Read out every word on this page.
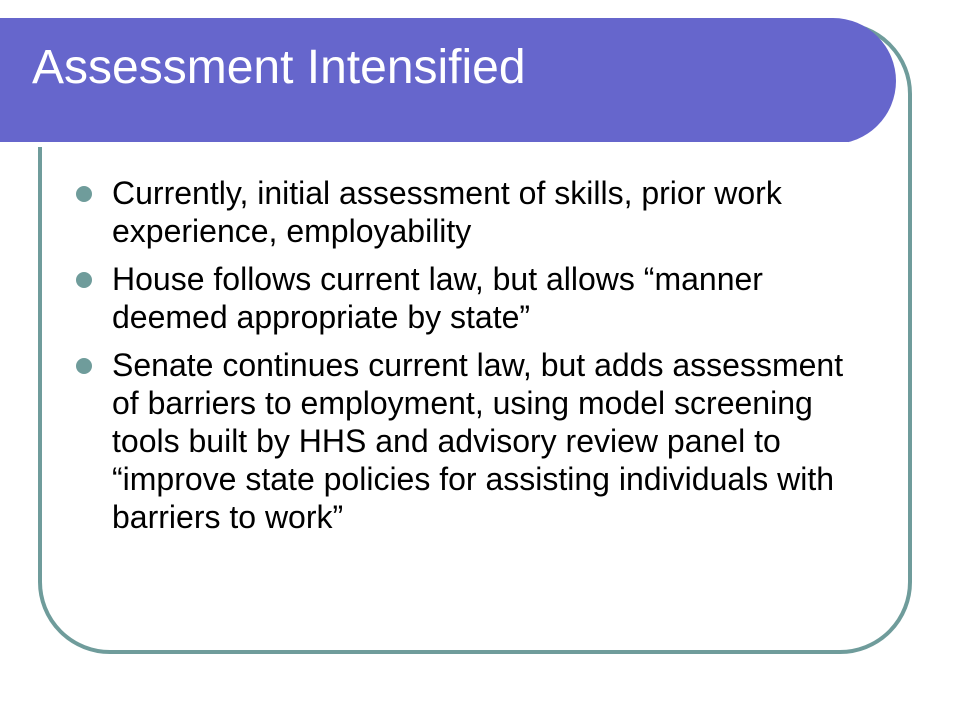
Assessment Intensified
Currently, initial assessment of skills, prior work experience, employability
House follows current law, but allows “manner deemed appropriate by state”
Senate continues current law, but adds assessment of barriers to employment, using model screening tools built by HHS and advisory review panel to “improve state policies for assisting individuals with barriers to work”
